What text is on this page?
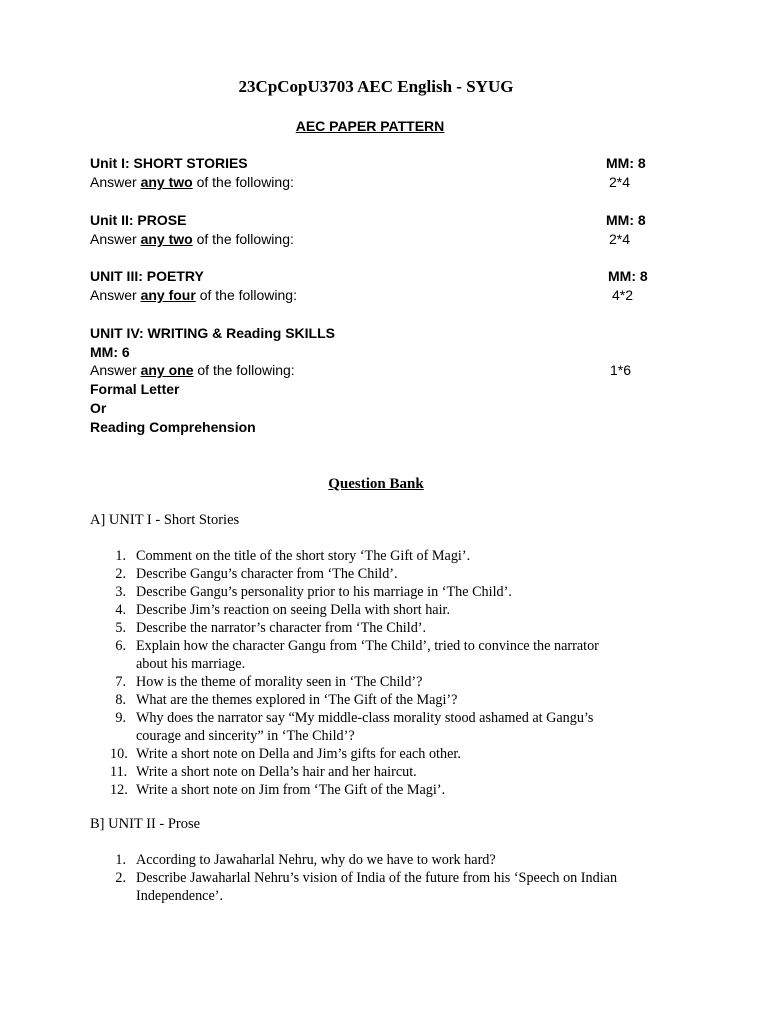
23CpCopU3703 AEC English - SYUG
AEC PAPER PATTERN
Unit I: SHORT STORIES	MM: 8
Answer any two of the following:	2*4
Unit II: PROSE	MM: 8
Answer any two of the following:	2*4
UNIT III: POETRY	MM: 8
Answer any four of the following:	4*2
UNIT IV: WRITING & Reading SKILLS
MM: 6
Answer any one of the following:	1*6
Formal Letter
Or
Reading Comprehension
Question Bank
A] UNIT I - Short Stories
1. Comment on the title of the short story ‘The Gift of Magi’.
2. Describe Gangu’s character from ‘The Child’.
3. Describe Gangu’s personality prior to his marriage in ‘The Child’.
4. Describe Jim’s reaction on seeing Della with short hair.
5. Describe the narrator’s character from ‘The Child’.
6. Explain how the character Gangu from ‘The Child’, tried to convince the narrator about his marriage.
7. How is the theme of morality seen in ‘The Child’?
8. What are the themes explored in ‘The Gift of the Magi’?
9. Why does the narrator say “My middle-class morality stood ashamed at Gangu’s courage and sincerity” in ‘The Child’?
10. Write a short note on Della and Jim’s gifts for each other.
11. Write a short note on Della’s hair and her haircut.
12. Write a short note on Jim from ‘The Gift of the Magi’.
B] UNIT II - Prose
1. According to Jawaharlal Nehru, why do we have to work hard?
2. Describe Jawaharlal Nehru’s vision of India of the future from his ‘Speech on Indian Independence’.
